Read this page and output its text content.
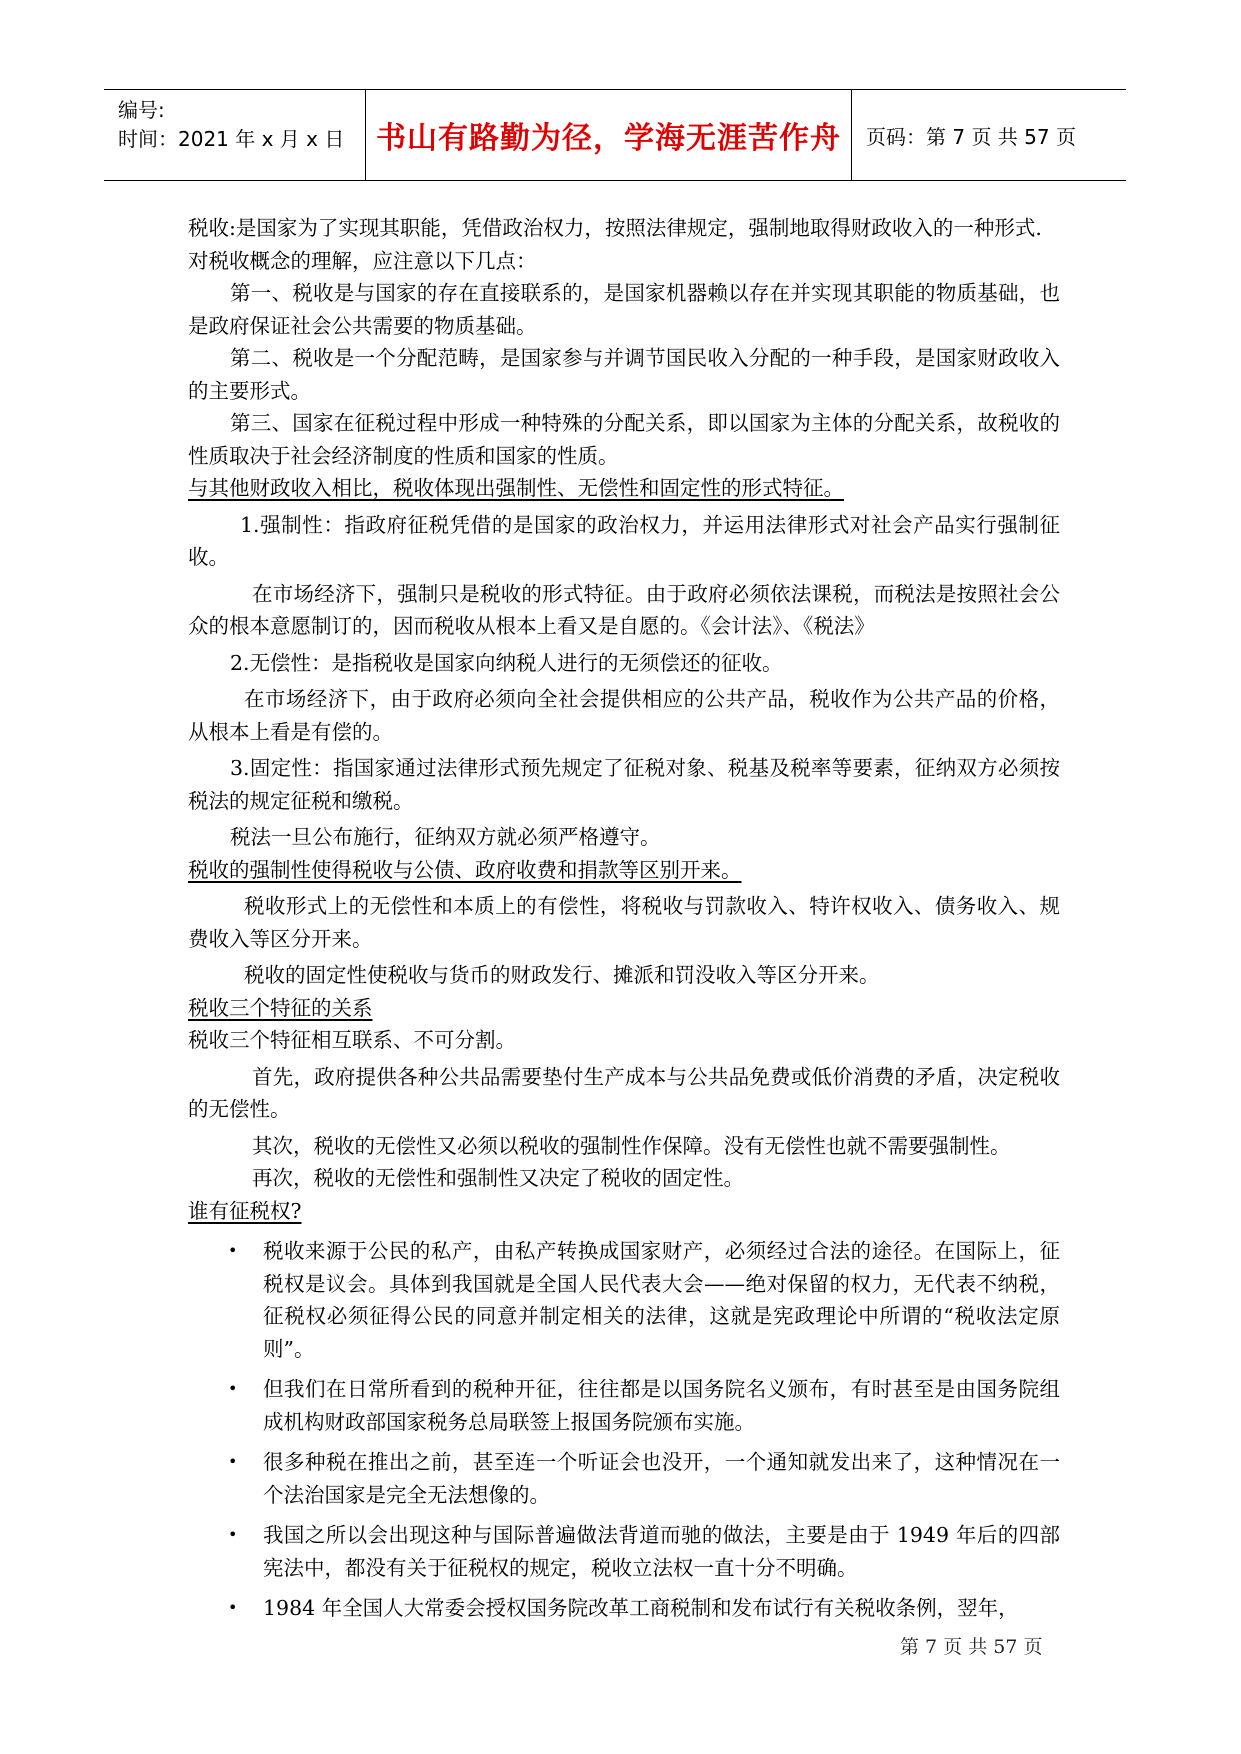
编号:
时间：2021 年 x 月 x 日	书山有路勤为径，学海无涯苦作舟	页码：第 7 页 共 57 页

税收:是国家为了实现其职能，凭借政治权力，按照法律规定，强制地取得财政收入的一种形式.

对税收概念的理解，应注意以下几点：

第一、税收是与国家的存在直接联系的，是国家机器赖以存在并实现其职能的物质基础，也是政府保证社会公共需要的物质基础。

第二、税收是一个分配范畴，是国家参与并调节国民收入分配的一种手段，是国家财政收入的主要形式。

第三、国家在征税过程中形成一种特殊的分配关系，即以国家为主体的分配关系，故税收的性质取决于社会经济制度的性质和国家的性质。

与其他财政收入相比，税收体现出强制性、无偿性和固定性的形式特征。

1.强制性：指政府征税凭借的是国家的政治权力，并运用法律形式对社会产品实行强制征收。

在市场经济下，强制只是税收的形式特征。由于政府必须依法课税，而税法是按照社会公众的根本意愿制订的，因而税收从根本上看又是自愿的。《会计法》、《税法》

2.无偿性：是指税收是国家向纳税人进行的无须偿还的征收。

在市场经济下，由于政府必须向全社会提供相应的公共产品，税收作为公共产品的价格，从根本上看是有偿的。

3.固定性：指国家通过法律形式预先规定了征税对象、税基及税率等要素，征纳双方必须按税法的规定征税和缴税。

税法一旦公布施行，征纳双方就必须严格遵守。

税收的强制性使得税收与公债、政府收费和捐款等区别开来。

税收形式上的无偿性和本质上的有偿性，将税收与罚款收入、特许权收入、债务收入、规费收入等区分开来。

税收的固定性使税收与货币的财政发行、摊派和罚没收入等区分开来。

税收三个特征的关系

税收三个特征相互联系、不可分割。

首先，政府提供各种公共品需要垫付生产成本与公共品免费或低价消费的矛盾，决定税收的无偿性。

其次，税收的无偿性又必须以税收的强制性作保障。没有无偿性也就不需要强制性。

再次，税收的无偿性和强制性又决定了税收的固定性。

谁有征税权?

• 税收来源于公民的私产，由私产转换成国家财产，必须经过合法的途径。在国际上，征税权是议会。具体到我国就是全国人民代表大会——绝对保留的权力，无代表不纳税，征税权必须征得公民的同意并制定相关的法律，这就是宪政理论中所谓的“税收法定原则”。

• 但我们在日常所看到的税种开征，往往都是以国务院名义颁布，有时甚至是由国务院组成机构财政部国家税务总局联签上报国务院颁布实施。

• 很多种税在推出之前，甚至连一个听证会也没开，一个通知就发出来了，这种情况在一个法治国家是完全无法想像的。

• 我国之所以会出现这种与国际普遍做法背道而驰的做法，主要是由于 1949 年后的四部宪法中，都没有关于征税权的规定，税收立法权一直十分不明确。

• 1984 年全国人大常委会授权国务院改革工商税制和发布试行有关税收条例，翌年，

第 7 页 共 57 页
